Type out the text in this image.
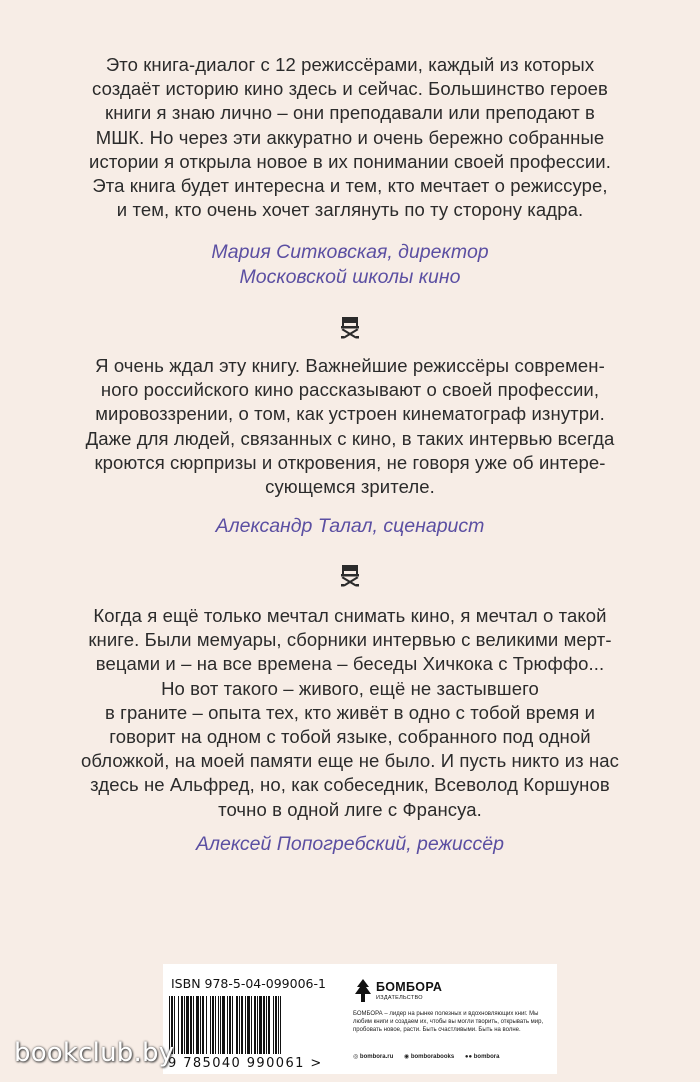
Это книга-диалог с 12 режиссёрами, каждый из которых
создаёт историю кино здесь и сейчас. Большинство героев
книги я знаю лично – они преподавали или преподают в
МШК. Но через эти аккуратно и очень бережно собранные
истории я открыла новое в их понимании своей профессии.
Эта книга будет интересна и тем, кто мечтает о режиссуре,
и тем, кто очень хочет заглянуть по ту сторону кадра.
Мария Ситковская, директор
Московской школы кино
Я очень ждал эту книгу. Важнейшие режиссёры современ-
ного российского кино рассказывают о своей профессии,
мировоззрении, о том, как устроен кинематограф изнутри.
Даже для людей, связанных с кино, в таких интервью всегда
кроются сюрпризы и откровения, не говоря уже об интере-
сующемся зрителе.
Александр Талал, сценарист
Когда я ещё только мечтал снимать кино, я мечтал о такой
книге. Были мемуары, сборники интервью с великими мерт-
вецами и – на все времена – беседы Хичкока с Трюффо...
Но вот такого – живого, ещё не застывшего
в граните – опыта тех, кто живёт в одно с тобой время и
говорит на одном с тобой языке, собранного под одной
обложкой, на моей памяти еще не было. И пусть никто из нас
здесь не Альфред, но, как собеседник, Всеволод Коршунов
точно в одной лиге с Франсуа.
Алексей Попогребский, режиссёр
ISBN 978-5-04-099006-1
9 785040 990061 >
БОМБОРА
ИЗДАТЕЛЬСТВО
БОМБОРА – лидер на рынке полезных и вдохновляющих книг. Мы любим книги и создаем их, чтобы вы могли творить, открывать мир, пробовать новое, расти. Быть счастливыми. Быть на волне.
◎ bombora.ru ◉ bomborabooks ●● bombora
bookclub.by
